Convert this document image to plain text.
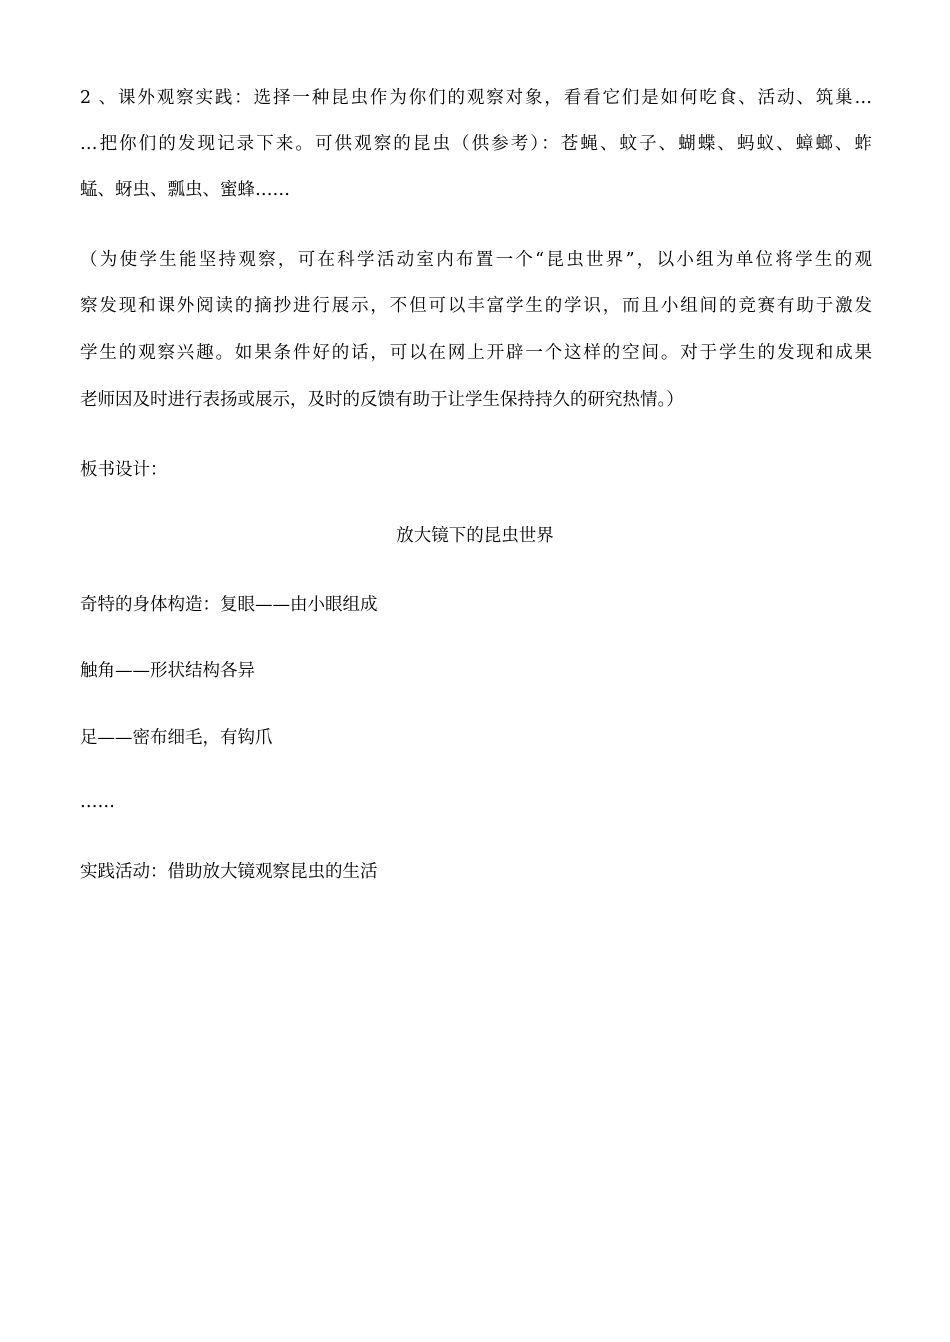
2 、课外观察实践：选择一种昆虫作为你们的观察对象，看看它们是如何吃食、活动、筑巢…
…把你们的发现记录下来。可供观察的昆虫（供参考）：苍蝇、蚊子、蝴蝶、蚂蚁、蟑螂、蚱
蜢、蚜虫、瓢虫、蜜蜂……
（为使学生能坚持观察，可在科学活动室内布置一个“昆虫世界”，以小组为单位将学生的观
察发现和课外阅读的摘抄进行展示，不但可以丰富学生的学识，而且小组间的竞赛有助于激发
学生的观察兴趣。如果条件好的话，可以在网上开辟一个这样的空间。对于学生的发现和成果
老师因及时进行表扬或展示，及时的反馈有助于让学生保持持久的研究热情。）
板书设计：
放大镜下的昆虫世界
奇特的身体构造：复眼——由小眼组成
触角——形状结构各异
足——密布细毛，有钩爪
……
实践活动：借助放大镜观察昆虫的生活
